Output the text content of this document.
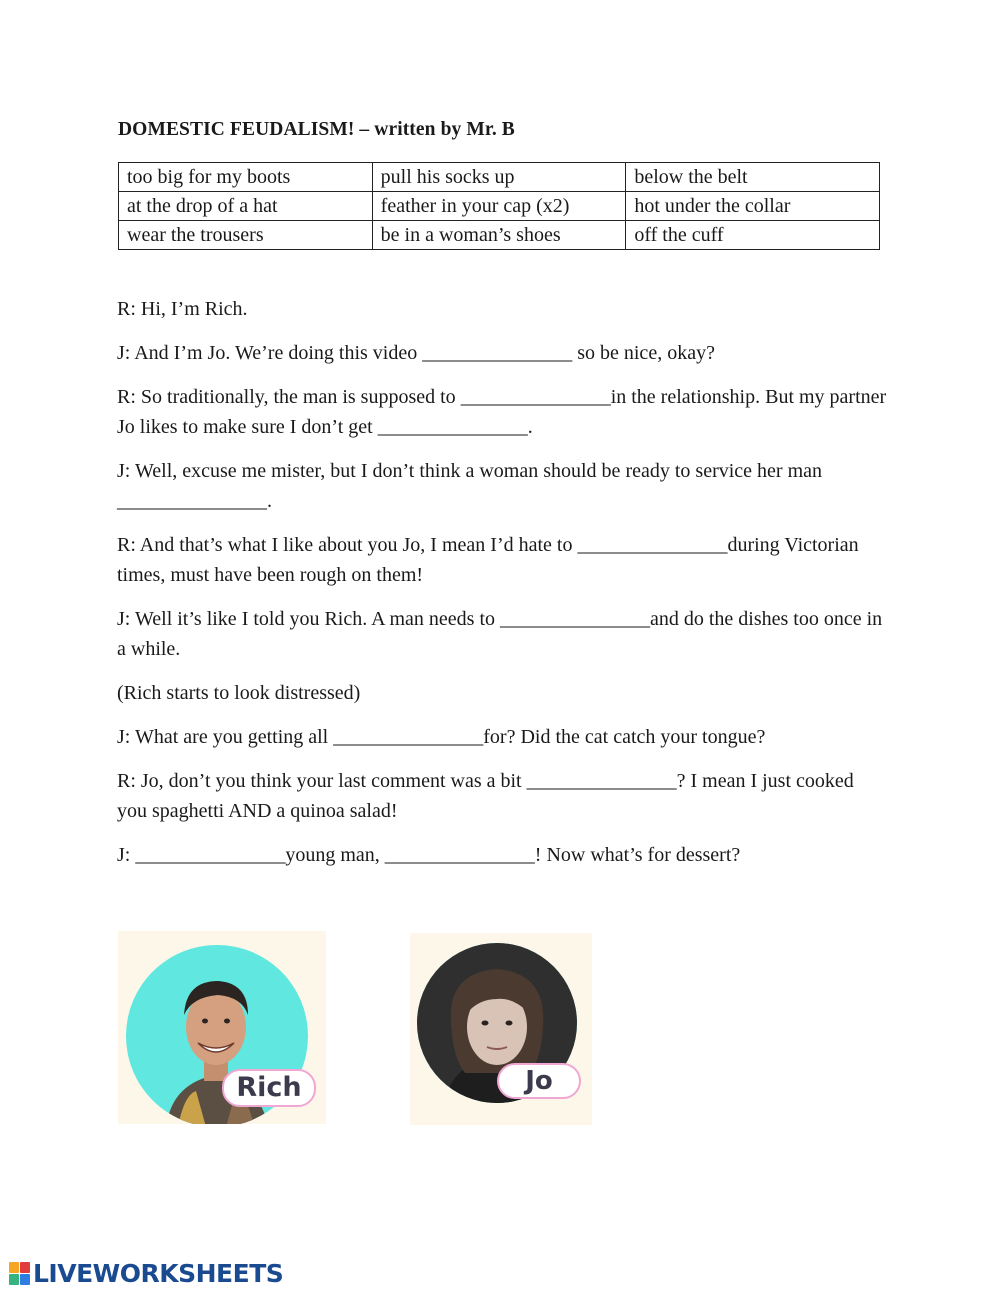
DOMESTIC FEUDALISM! – written by Mr. B
too big for my boots	pull his socks up	below the belt
at the drop of a hat	feather in your cap (x2)	hot under the collar
wear the trousers	be in a woman’s shoes	off the cuff

R: Hi, I’m Rich.

J: And I’m Jo. We’re doing this video _______________ so be nice, okay?

R: So traditionally, the man is supposed to _______________in the relationship. But my partner Jo likes to make sure I don’t get _______________.

J: Well, excuse me mister, but I don’t think a woman should be ready to service her man _______________.

R: And that’s what I like about you Jo, I mean I’d hate to _______________during Victorian times, must have been rough on them!

J: Well it’s like I told you Rich. A man needs to _______________and do the dishes too once in a while.

(Rich starts to look distressed)

J: What are you getting all _______________for? Did the cat catch your tongue?

R: Jo, don’t you think your last comment was a bit _______________? I mean I just cooked you spaghetti AND a quinoa salad!

J: _______________young man, _______________! Now what’s for dessert?

Rich	Jo
LIVEWORKSHEETS
